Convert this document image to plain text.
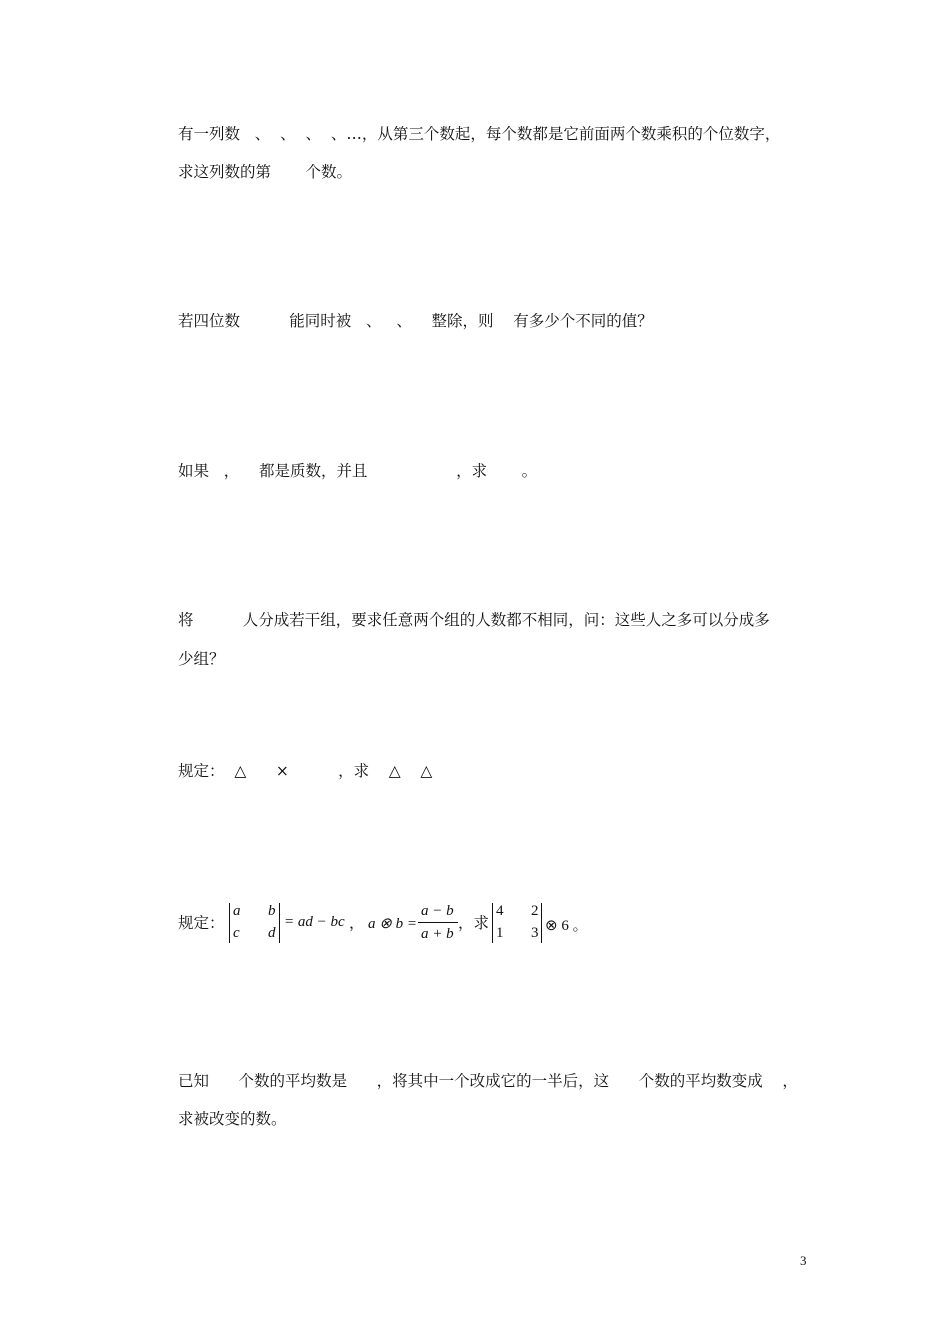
有一列数   、  、  、  、…，从第三个数起，每个数都是它前面两个数乘积的个位数字，
求这列数的第       个数。
若四位数          能同时被   、   、    整除，则    有多少个不同的值？
如果   ，    都是质数，并且                  ，求       。
将          人分成若干组，要求任意两个组的人数都不相同，问：这些人之多可以分成多
少组？
规定：  △      ×          ，求    △    △
规定：
a b
c d
= ad − bc ， a ⊗ b =
a − b
a + b
，求
4 2
1 3 ⊗ 6 。
已知      个数的平均数是      ，将其中一个改成它的一半后，这      个数的平均数变成    ，
求被改变的数。
3
